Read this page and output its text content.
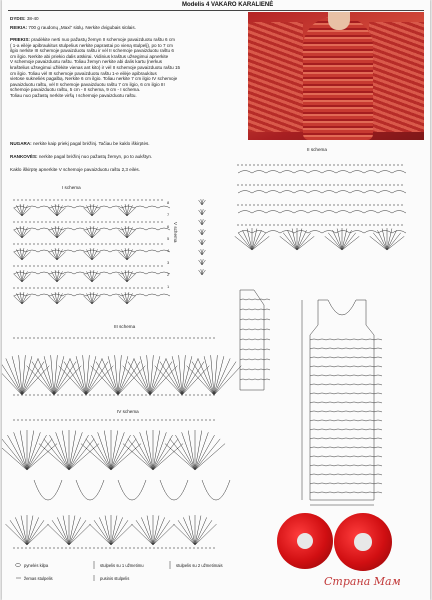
Modelis 4 VAKARO KARALIENĖ
DYDIS: 38-40
REIKIA: 700 g raudonų „Maxi“ siūlų. Nerkite dvigubais siūlais.
PRIEKIS: pradėkite nerti nuo pažastų žemyn II schemoje pavaizduotu raštu 6 cm
( 1-a eilėje apibraukitus stulpelius nerkite paprastai po vieną stulpelį), po to 7 cm
ilgio nerkite III schemoje pavaizduotu raštu ir vėl II schemoje pavaizduotu raštu 6
cm ilgio. Nerkite abi priekio dalis atskirai. Vidinius kraštus užsegimui apnerkite
V schemoje pavaizduotu raštu. Toliau žemyn nerkite abi dalis kartu (nerkus
kraštelius užsegimui užlėkite vienas ant kito) ir vėl II schemoje pavaizduotu raštu 15
cm ilgio. Toliau vėl III schemoje pavaizduotu raštu 1-e eilėje apibraukitus
vietose sukneliės pagalbą. Nerkite 6 cm ilgio. Toliau nerkite 7 cm ilgio IV schemoje
pavaizduotu raštu, vėl II schemoje pavaizduotu raštu 7 cm ilgio, 6 cm ilgio III
schemoje pavaizduotu raštu, 5 cm - II schema, 9 cm - I schema.
Toliau nuo pažastų nerkite viršų I schemoje pavaizduotu raštu.
NUGARA: nerkite kaip priekį pagal brėžinį. Tačiau be kaklo iškirptės.
RANKOVĖS: nerkite pagal brėžinį nuo pažastų žemyn, po to aukštyn.
Kaklo iškirptę apnerkite V schemoje pavaizduotu raštu 2,3 eilės.
II schema
I schema
III schema
IV schema
V schema
8
7
6
5
4
3
2
1
pynelės kilpa	stulpelis su 1 užmetimu	stulpelis su 2 užmetimais
žemas stulpelis	pusinis stulpelis	Страна Мам
